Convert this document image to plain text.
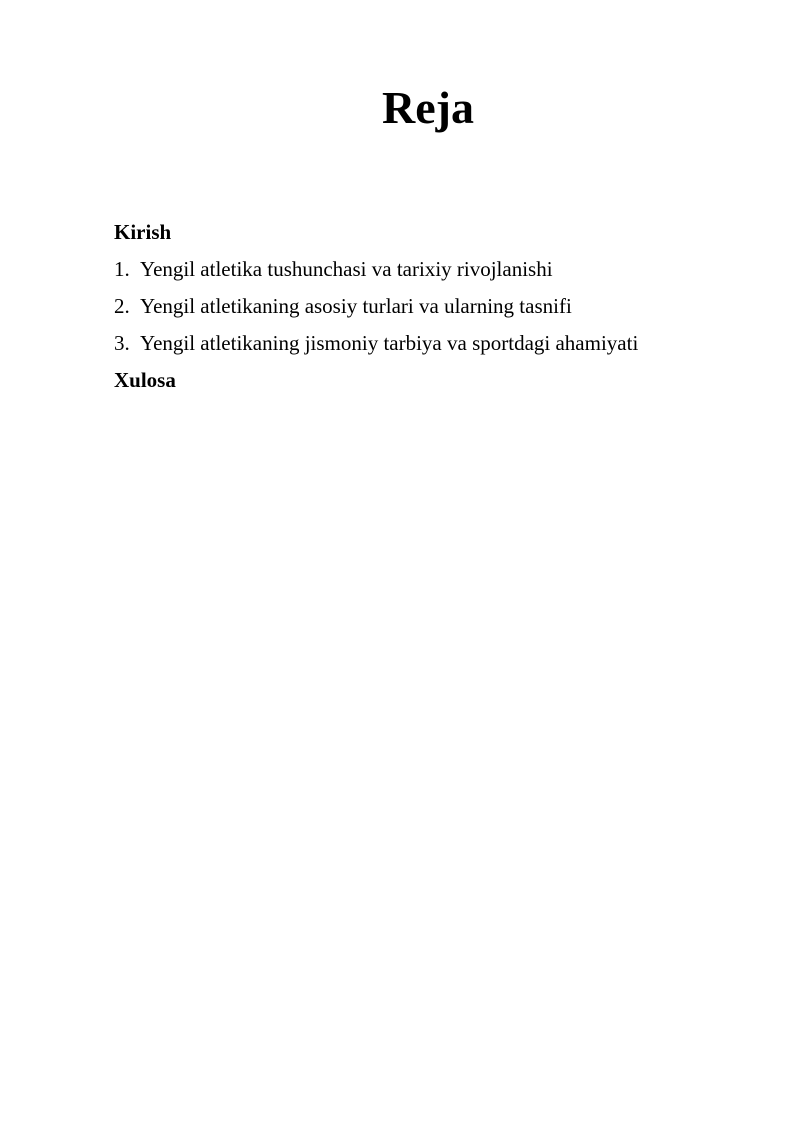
Reja
Kirish
1. Yengil atletika tushunchasi va tarixiy rivojlanishi
2. Yengil atletikaning asosiy turlari va ularning tasnifi
3. Yengil atletikaning jismoniy tarbiya va sportdagi ahamiyati
Xulosa
